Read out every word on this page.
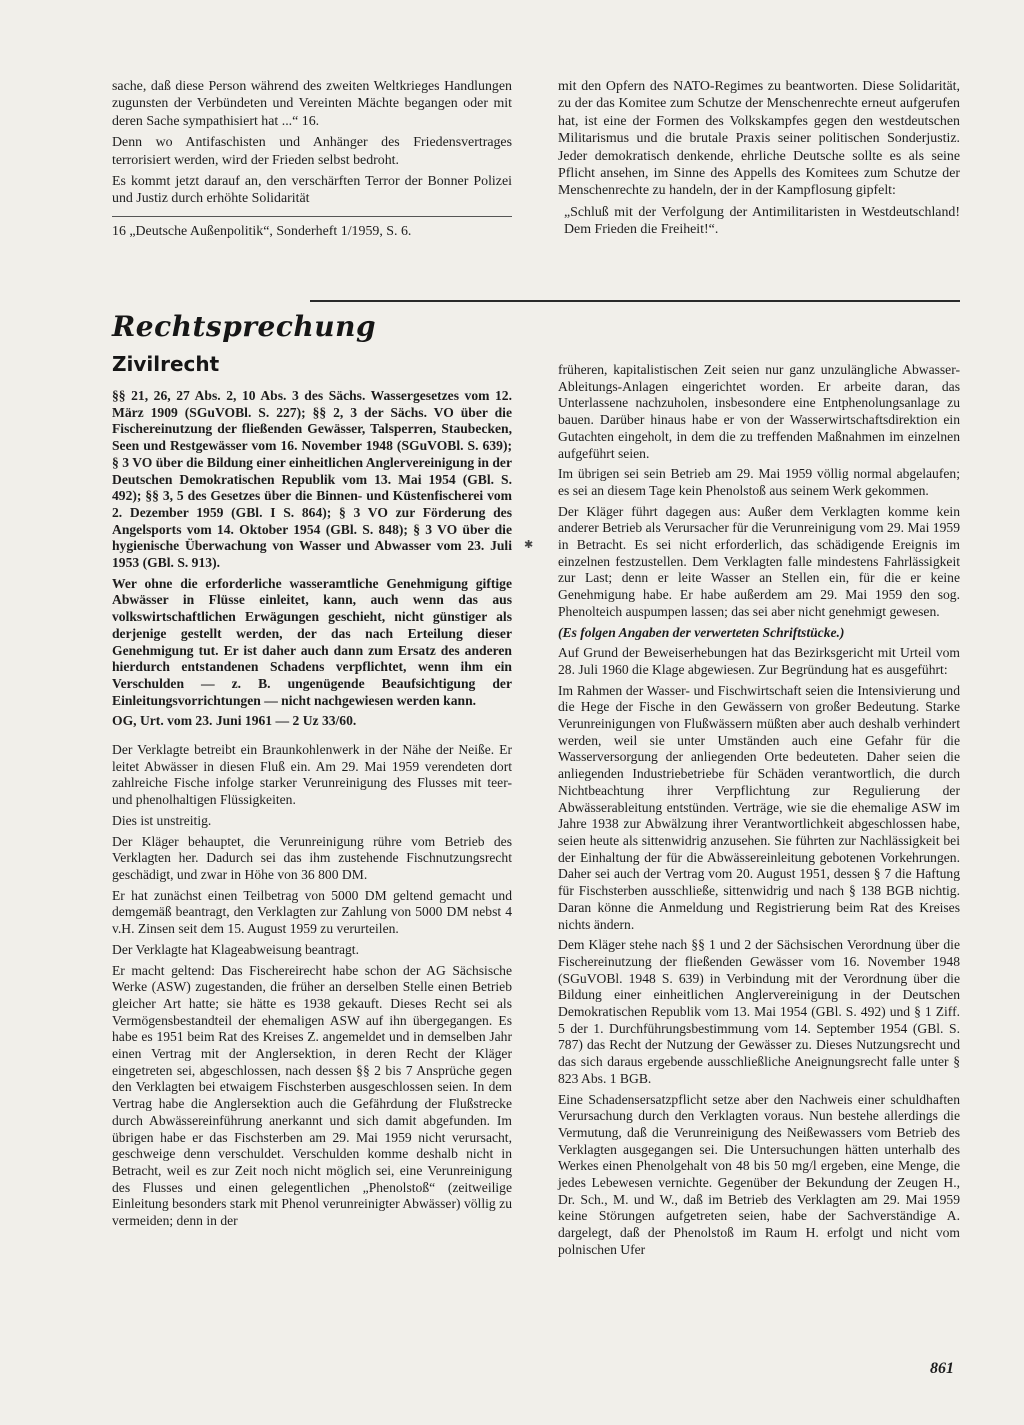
sache, daß diese Person während des zweiten Weltkrieges Handlungen zugunsten der Verbündeten und Vereinten Mächte begangen oder mit deren Sache sympathisiert hat ...“ 16.

Denn wo Antifaschisten und Anhänger des Friedensvertrages terrorisiert werden, wird der Frieden selbst bedroht.

Es kommt jetzt darauf an, den verschärften Terror der Bonner Polizei und Justiz durch erhöhte Solidarität

16 „Deutsche Außenpolitik“, Sonderheft 1/1959, S. 6.

mit den Opfern des NATO-Regimes zu beantworten. Diese Solidarität, zu der das Komitee zum Schutze der Menschenrechte erneut aufgerufen hat, ist eine der Formen des Volkskampfes gegen den westdeutschen Militarismus und die brutale Praxis seiner politischen Sonderjustiz. Jeder demokratisch denkende, ehrliche Deutsche sollte es als seine Pflicht ansehen, im Sinne des Appells des Komitees zum Schutze der Menschenrechte zu handeln, der in der Kampflosung gipfelt:

„Schluß mit der Verfolgung der Antimilitaristen in Westdeutschland! Dem Frieden die Freiheit!“.

Rechtsprechung
Zivilrecht

§§ 21, 26, 27 Abs. 2, 10 Abs. 3 des Sächs. Wassergesetzes vom 12. März 1909 (SGuVOBl. S. 227); §§ 2, 3 der Sächs. VO über die Fischereinutzung der fließenden Gewässer, Talsperren, Staubecken, Seen und Restgewässer vom 16. November 1948 (SGuVOBl. S. 639); § 3 VO über die Bildung einer einheitlichen Anglervereinigung in der Deutschen Demokratischen Republik vom 13. Mai 1954 (GBl. S. 492); §§ 3, 5 des Gesetzes über die Binnen- und Küstenfischerei vom 2. Dezember 1959 (GBl. I S. 864); § 3 VO zur Förderung des Angelsports vom 14. Oktober 1954 (GBl. S. 848); § 3 VO über die hygienische Überwachung von Wasser und Abwasser vom 23. Juli 1953 (GBl. S. 913).

Wer ohne die erforderliche wasseramtliche Genehmigung giftige Abwässer in Flüsse einleitet, kann, auch wenn das aus volkswirtschaftlichen Erwägungen geschieht, nicht günstiger als derjenige gestellt werden, der das nach Erteilung dieser Genehmigung tut. Er ist daher auch dann zum Ersatz des anderen hierdurch entstandenen Schadens verpflichtet, wenn ihm ein Verschulden — z. B. ungenügende Beaufsichtigung der Einleitungsvorrichtungen — nicht nachgewiesen werden kann.

OG, Urt. vom 23. Juni 1961 — 2 Uz 33/60.

Der Verklagte betreibt ein Braunkohlenwerk in der Nähe der Neiße. Er leitet Abwässer in diesen Fluß ein. Am 29. Mai 1959 verendeten dort zahlreiche Fische infolge starker Verunreinigung des Flusses mit teer- und phenolhaltigen Flüssigkeiten.

Dies ist unstreitig.

Der Kläger behauptet, die Verunreinigung rühre vom Betrieb des Verklagten her. Dadurch sei das ihm zustehende Fischnutzungsrecht geschädigt, und zwar in Höhe von 36 800 DM.

Er hat zunächst einen Teilbetrag von 5000 DM geltend gemacht und demgemäß beantragt, den Verklagten zur Zahlung von 5000 DM nebst 4 v.H. Zinsen seit dem 15. August 1959 zu verurteilen.

Der Verklagte hat Klageabweisung beantragt.

Er macht geltend: Das Fischereirecht habe schon der AG Sächsische Werke (ASW) zugestanden, die früher an derselben Stelle einen Betrieb gleicher Art hatte; sie hätte es 1938 gekauft. Dieses Recht sei als Vermögensbestandteil der ehemaligen ASW auf ihn übergegangen. Es habe es 1951 beim Rat des Kreises Z. angemeldet und in demselben Jahr einen Vertrag mit der Anglersektion, in deren Recht der Kläger eingetreten sei, abgeschlossen, nach dessen §§ 2 bis 7 Ansprüche gegen den Verklagten bei etwaigem Fischsterben ausgeschlossen seien. In dem Vertrag habe die Anglersektion auch die Gefährdung der Flußstrecke durch Abwässereinführung anerkannt und sich damit abgefunden. Im übrigen habe er das Fischsterben am 29. Mai 1959 nicht verursacht, geschweige denn verschuldet. Verschulden komme deshalb nicht in Betracht, weil es zur Zeit noch nicht möglich sei, eine Verunreinigung des Flusses und einen gelegentlichen „Phenolstoß“ (zeitweilige Einleitung besonders stark mit Phenol verunreinigter Abwässer) völlig zu vermeiden; denn in der

✱

früheren, kapitalistischen Zeit seien nur ganz unzulängliche Abwasser-Ableitungs-Anlagen eingerichtet worden. Er arbeite daran, das Unterlassene nachzuholen, insbesondere eine Entphenolungsanlage zu bauen. Darüber hinaus habe er von der Wasserwirtschaftsdirektion ein Gutachten eingeholt, in dem die zu treffenden Maßnahmen im einzelnen aufgeführt seien.

Im übrigen sei sein Betrieb am 29. Mai 1959 völlig normal abgelaufen; es sei an diesem Tage kein Phenolstoß aus seinem Werk gekommen.

Der Kläger führt dagegen aus: Außer dem Verklagten komme kein anderer Betrieb als Verursacher für die Verunreinigung vom 29. Mai 1959 in Betracht. Es sei nicht erforderlich, das schädigende Ereignis im einzelnen festzustellen. Dem Verklagten falle mindestens Fahrlässigkeit zur Last; denn er leite Wasser an Stellen ein, für die er keine Genehmigung habe. Er habe außerdem am 29. Mai 1959 den sog. Phenolteich auspumpen lassen; das sei aber nicht genehmigt gewesen.

(Es folgen Angaben der verwerteten Schriftstücke.)

Auf Grund der Beweiserhebungen hat das Bezirksgericht mit Urteil vom 28. Juli 1960 die Klage abgewiesen. Zur Begründung hat es ausgeführt:

Im Rahmen der Wasser- und Fischwirtschaft seien die Intensivierung und die Hege der Fische in den Gewässern von großer Bedeutung. Starke Verunreinigungen von Flußwässern müßten aber auch deshalb verhindert werden, weil sie unter Umständen auch eine Gefahr für die Wasserversorgung der anliegenden Orte bedeuteten. Daher seien die anliegenden Industriebetriebe für Schäden verantwortlich, die durch Nichtbeachtung ihrer Verpflichtung zur Regulierung der Abwässerableitung entstünden. Verträge, wie sie die ehemalige ASW im Jahre 1938 zur Abwälzung ihrer Verantwortlichkeit abgeschlossen habe, seien heute als sittenwidrig anzusehen. Sie führten zur Nachlässigkeit bei der Einhaltung der für die Abwässereinleitung gebotenen Vorkehrungen. Daher sei auch der Vertrag vom 20. August 1951, dessen § 7 die Haftung für Fischsterben ausschließe, sittenwidrig und nach § 138 BGB nichtig. Daran könne die Anmeldung und Registrierung beim Rat des Kreises nichts ändern.

Dem Kläger stehe nach §§ 1 und 2 der Sächsischen Verordnung über die Fischereinutzung der fließenden Gewässer vom 16. November 1948 (SGuVOBl. 1948 S. 639) in Verbindung mit der Verordnung über die Bildung einer einheitlichen Anglervereinigung in der Deutschen Demokratischen Republik vom 13. Mai 1954 (GBl. S. 492) und § 1 Ziff. 5 der 1. Durchführungsbestimmung vom 14. September 1954 (GBl. S. 787) das Recht der Nutzung der Gewässer zu. Dieses Nutzungsrecht und das sich daraus ergebende ausschließliche Aneignungsrecht falle unter § 823 Abs. 1 BGB.

Eine Schadensersatzpflicht setze aber den Nachweis einer schuldhaften Verursachung durch den Verklagten voraus. Nun bestehe allerdings die Vermutung, daß die Verunreinigung des Neißewassers vom Betrieb des Verklagten ausgegangen sei. Die Untersuchungen hätten unterhalb des Werkes einen Phenolgehalt von 48 bis 50 mg/l ergeben, eine Menge, die jedes Lebewesen vernichte. Gegenüber der Bekundung der Zeugen H., Dr. Sch., M. und W., daß im Betrieb des Verklagten am 29. Mai 1959 keine Störungen aufgetreten seien, habe der Sachverständige A. dargelegt, daß der Phenolstoß im Raum H. erfolgt und nicht vom polnischen Ufer

861
